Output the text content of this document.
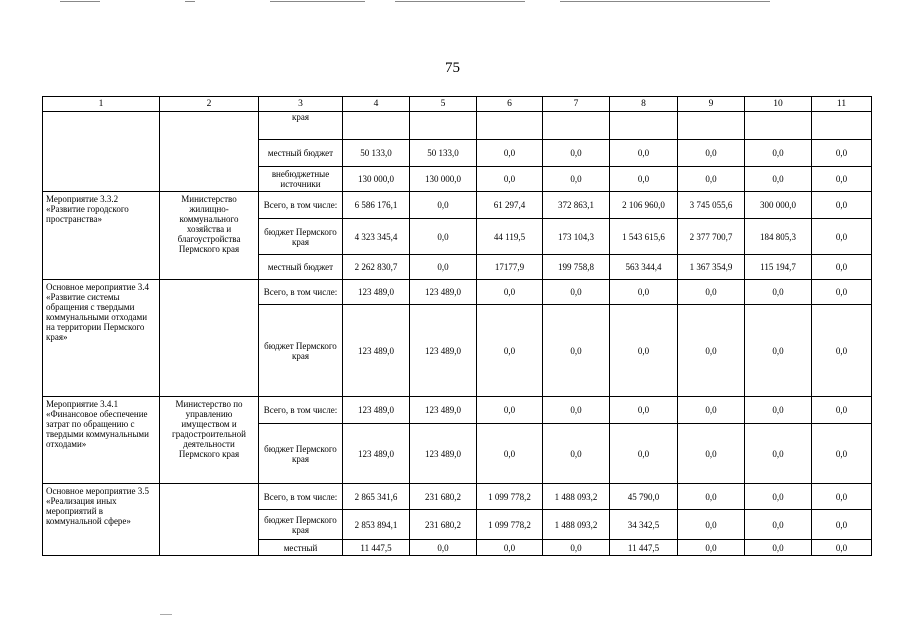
75
1	2	3	4	5	6	7	8	9	10	11
		края								
		местный бюджет	50 133,0	50 133,0	0,0	0,0	0,0	0,0	0,0	0,0
		внебюджетные источники	130 000,0	130 000,0	0,0	0,0	0,0	0,0	0,0	0,0
Мероприятие 3.3.2 «Развитие городского пространства»	Министерство жилищно-коммунального хозяйства и благоустройства Пермского края	Всего, в том числе:	6 586 176,1	0,0	61 297,4	372 863,1	2 106 960,0	3 745 055,6	300 000,0	0,0
		бюджет Пермского края	4 323 345,4	0,0	44 119,5	173 104,3	1 543 615,6	2 377 700,7	184 805,3	0,0
		местный бюджет	2 262 830,7	0,0	17177,9	199 758,8	563 344,4	1 367 354,9	115 194,7	0,0
Основное мероприятие 3.4 «Развитие системы обращения с твердыми коммунальными отходами на территории Пермского края»		Всего, в том числе:	123 489,0	123 489,0	0,0	0,0	0,0	0,0	0,0	0,0
		бюджет Пермского края	123 489,0	123 489,0	0,0	0,0	0,0	0,0	0,0	0,0
Мероприятие 3.4.1 «Финансовое обеспечение затрат по обращению с твердыми коммунальными отходами»	Министерство по управлению имуществом и градостроительной деятельности Пермского края	Всего, в том числе:	123 489,0	123 489,0	0,0	0,0	0,0	0,0	0,0	0,0
		бюджет Пермского края	123 489,0	123 489,0	0,0	0,0	0,0	0,0	0,0	0,0
Основное мероприятие 3.5 «Реализация иных мероприятий в коммунальной сфере»		Всего, в том числе:	2 865 341,6	231 680,2	1 099 778,2	1 488 093,2	45 790,0	0,0	0,0	0,0
		бюджет Пермского края	2 853 894,1	231 680,2	1 099 778,2	1 488 093,2	34 342,5	0,0	0,0	0,0
		местный	11 447,5	0,0	0,0	0,0	11 447,5	0,0	0,0	0,0
